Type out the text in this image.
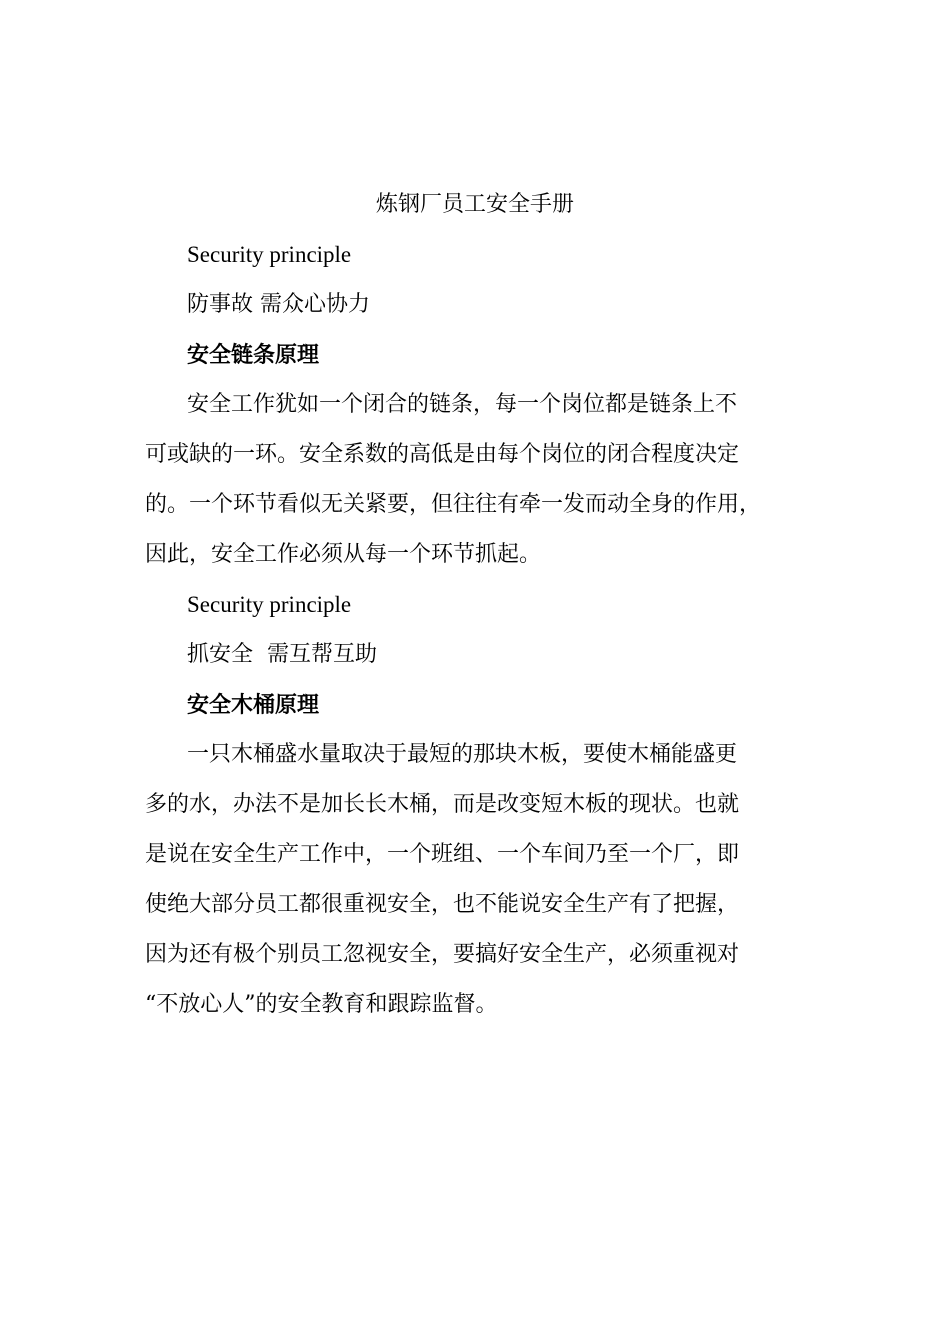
炼钢厂员工安全手册

Security principle

防事故 需众心协力

安全链条原理

安全工作犹如一个闭合的链条，每一个岗位都是链条上不

可或缺的一环。安全系数的高低是由每个岗位的闭合程度决定

的。一个环节看似无关紧要，但往往有牵一发而动全身的作用，

因此，安全工作必须从每一个环节抓起。

Security principle

抓安全  需互帮互助

安全木桶原理

一只木桶盛水量取决于最短的那块木板，要使木桶能盛更

多的水，办法不是加长长木桶，而是改变短木板的现状。也就

是说在安全生产工作中，一个班组、一个车间乃至一个厂，即

使绝大部分员工都很重视安全，也不能说安全生产有了把握，

因为还有极个别员工忽视安全，要搞好安全生产，必须重视对

“不放心人”的安全教育和跟踪监督。
